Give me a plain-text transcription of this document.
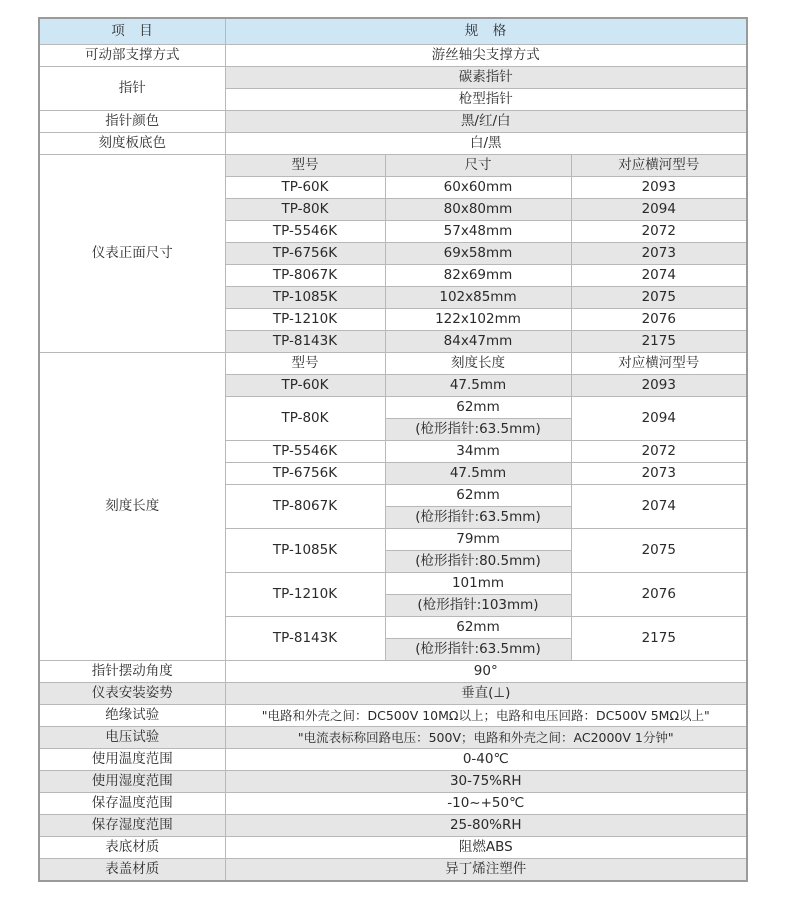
项　目	规　格		
可动部支撑方式	游丝轴尖支撑方式		
指针	碳素指针		
	枪型指针		
指针颜色	黑/红/白		
刻度板底色	白/黑		
仪表正面尺寸	型号	尺寸	对应横河型号
	TP-60K	60x60mm	2093
	TP-80K	80x80mm	2094
	TP-5546K	57x48mm	2072
	TP-6756K	69x58mm	2073
	TP-8067K	82x69mm	2074
	TP-1085K	102x85mm	2075
	TP-1210K	122x102mm	2076
	TP-8143K	84x47mm	2175
刻度长度	型号	刻度长度	对应横河型号
	TP-60K	47.5mm	2093
	TP-80K	62mm	2094
		(枪形指针:63.5mm)	
	TP-5546K	34mm	2072
	TP-6756K	47.5mm	2073
	TP-8067K	62mm	2074
		(枪形指针:63.5mm)	
	TP-1085K	79mm	2075
		(枪形指针:80.5mm)	
	TP-1210K	101mm	2076
		(枪形指针:103mm)	
	TP-8143K	62mm	2175
		(枪形指针:63.5mm)	
指针摆动角度	90°		
仪表安装姿势	垂直(⊥)		
绝缘试验	"电路和外壳之间：DC500V 10MΩ以上；电路和电压回路：DC500V 5MΩ以上"		
电压试验	"电流表标称回路电压：500V；电路和外壳之间：AC2000V 1分钟"		
使用温度范围	0-40℃		
使用湿度范围	30-75%RH		
保存温度范围	-10~+50℃		
保存湿度范围	25-80%RH		
表底材质	阻燃ABS		
表盖材质	异丁烯注塑件		
